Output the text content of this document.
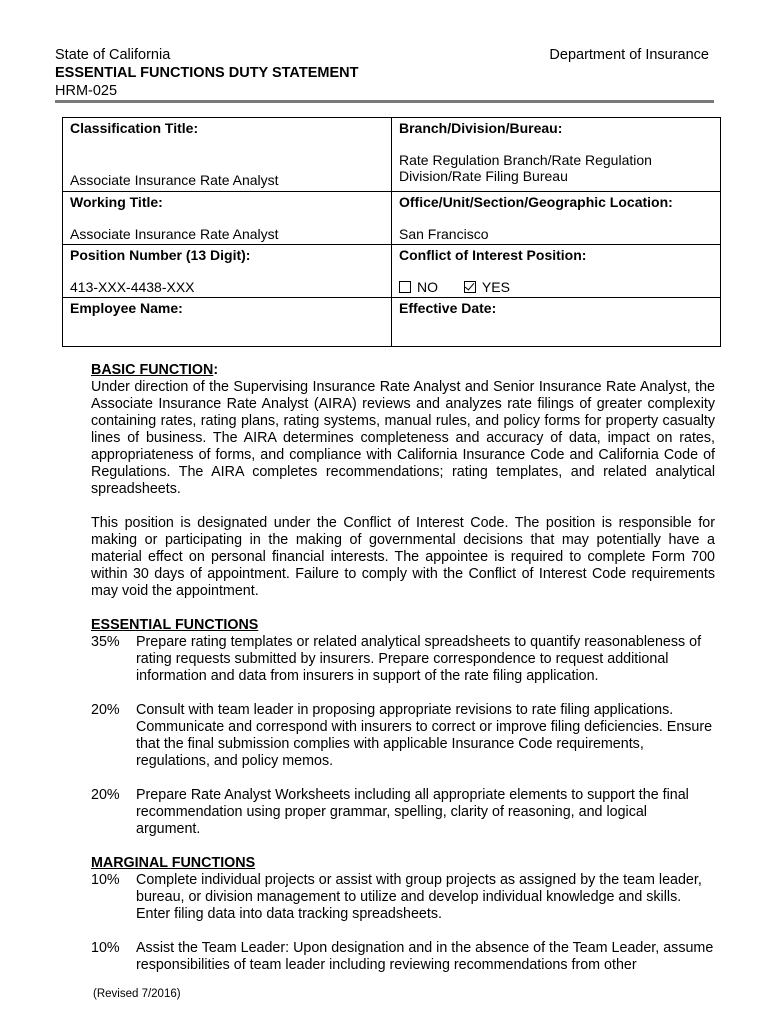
State of California
ESSENTIAL FUNCTIONS DUTY STATEMENT
HRM-025
Department of Insurance
Classification Title:
Associate Insurance Rate Analyst	Branch/Division/Bureau:
Rate Regulation Branch/Rate Regulation Division/Rate Filing Bureau

Working Title:
Associate Insurance Rate Analyst	Office/Unit/Section/Geographic Location:
San Francisco

Position Number (13 Digit):
413-XXX-4438-XXX	Conflict of Interest Position:
NO YES

Employee Name:	Effective Date:

BASIC FUNCTION:

Under direction of the Supervising Insurance Rate Analyst and Senior Insurance Rate Analyst, the Associate Insurance Rate Analyst (AIRA) reviews and analyzes rate filings of greater complexity containing rates, rating plans, rating systems, manual rules, and policy forms for property casualty lines of business. The AIRA determines completeness and accuracy of data, impact on rates, appropriateness of forms, and compliance with California Insurance Code and California Code of Regulations. The AIRA completes recommendations; rating templates, and related analytical spreadsheets.

This position is designated under the Conflict of Interest Code. The position is responsible for making or participating in the making of governmental decisions that may potentially have a material effect on personal financial interests. The appointee is required to complete Form 700 within 30 days of appointment. Failure to comply with the Conflict of Interest Code requirements may void the appointment.

ESSENTIAL FUNCTIONS

35%	Prepare rating templates or related analytical spreadsheets to quantify reasonableness of rating requests submitted by insurers. Prepare correspondence to request additional information and data from insurers in support of the rate filing application.
20%	Consult with team leader in proposing appropriate revisions to rate filing applications. Communicate and correspond with insurers to correct or improve filing deficiencies. Ensure that the final submission complies with applicable Insurance Code requirements, regulations, and policy memos.
20%	Prepare Rate Analyst Worksheets including all appropriate elements to support the final recommendation using proper grammar, spelling, clarity of reasoning, and logical argument.

MARGINAL FUNCTIONS

10%	Complete individual projects or assist with group projects as assigned by the team leader, bureau, or division management to utilize and develop individual knowledge and skills. Enter filing data into data tracking spreadsheets.
10%	Assist the Team Leader: Upon designation and in the absence of the Team Leader, assume responsibilities of team leader including reviewing recommendations from other
(Revised 7/2016)
